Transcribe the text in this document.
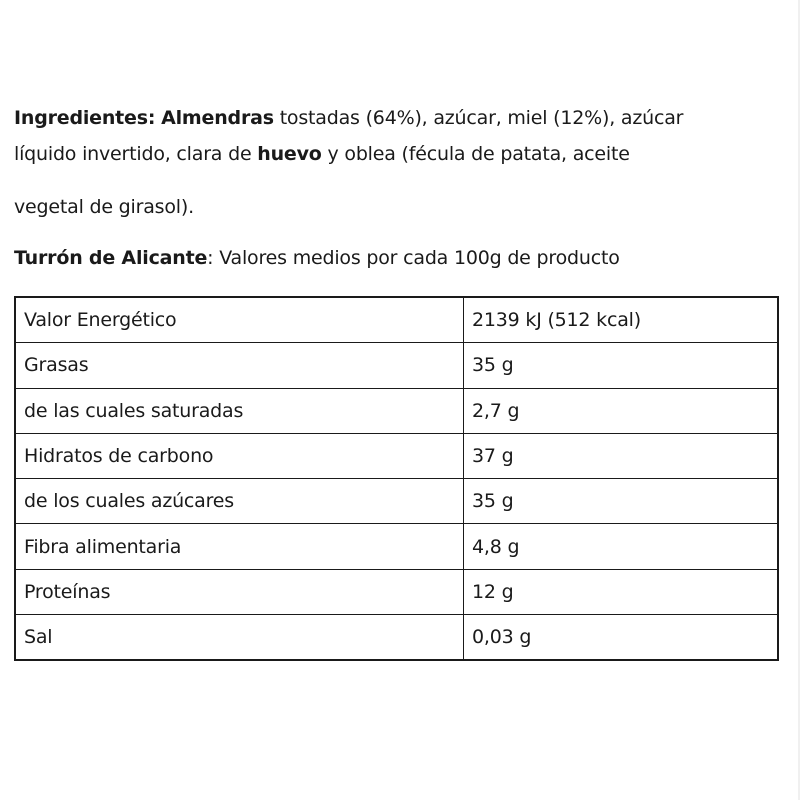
Ingredientes: Almendras tostadas (64%), azúcar, miel (12%), azúcar
líquido invertido, clara de huevo y oblea (fécula de patata, aceite
vegetal de girasol).
Turrón de Alicante: Valores medios por cada 100g de producto
Valor Energético	2139 kJ (512 kcal)
Grasas	35 g
de las cuales saturadas	2,7 g
Hidratos de carbono	37 g
de los cuales azúcares	35 g
Fibra alimentaria	4,8 g
Proteínas	12 g
Sal	0,03 g
